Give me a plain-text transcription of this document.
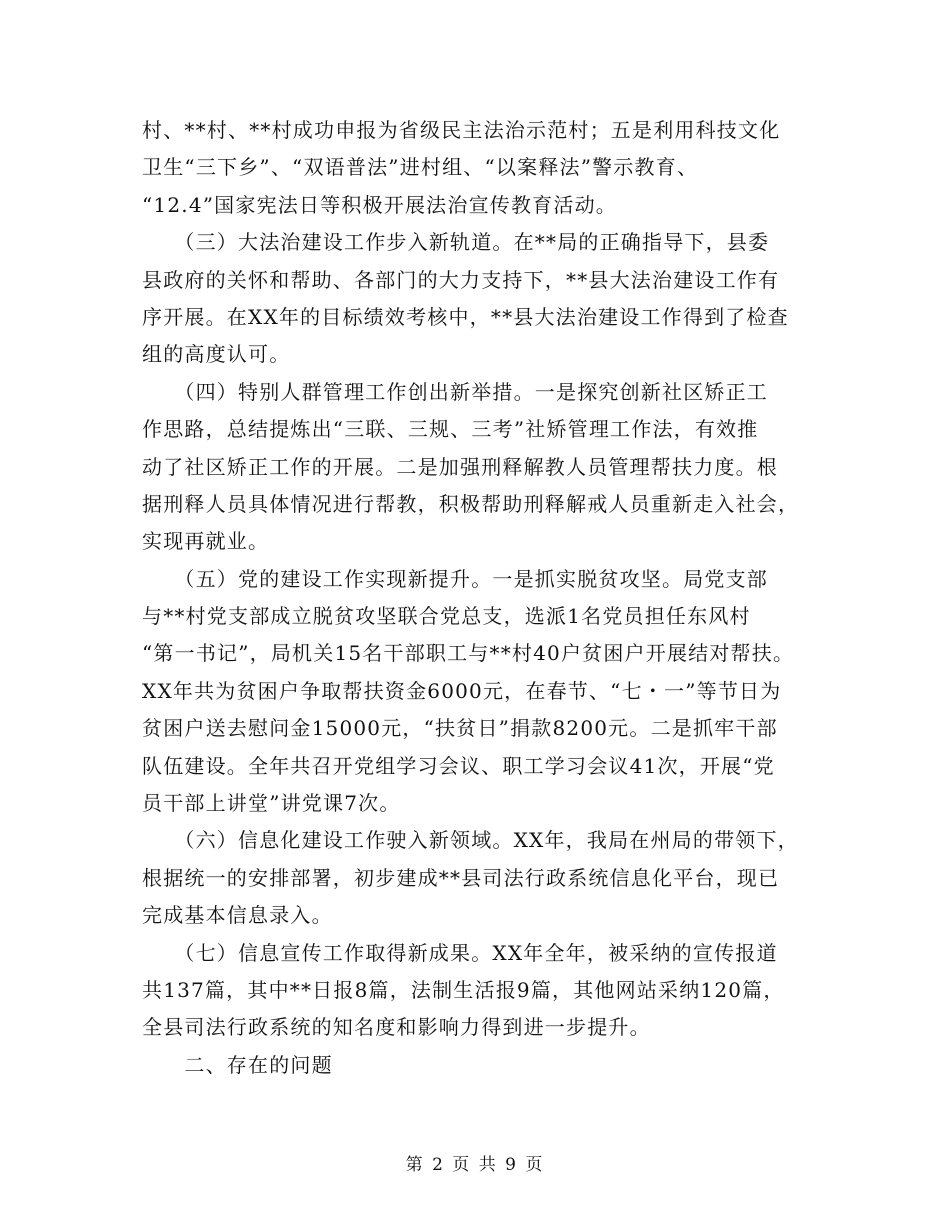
村、**村、**村成功申报为省级民主法治示范村；五是利用科技文化
卫生“三下乡”、“双语普法”进村组、“以案释法”警示教育、
“12.4”国家宪法日等积极开展法治宣传教育活动。
　　（三）大法治建设工作步入新轨道。在**局的正确指导下，县委
县政府的关怀和帮助、各部门的大力支持下，**县大法治建设工作有
序开展。在XX年的目标绩效考核中，**县大法治建设工作得到了检查
组的高度认可。
　　（四）特别人群管理工作创出新举措。一是探究创新社区矫正工
作思路，总结提炼出“三联、三规、三考”社矫管理工作法，有效推
动了社区矫正工作的开展。二是加强刑释解教人员管理帮扶力度。根
据刑释人员具体情况进行帮教，积极帮助刑释解戒人员重新走入社会，
实现再就业。
　　（五）党的建设工作实现新提升。一是抓实脱贫攻坚。局党支部
与**村党支部成立脱贫攻坚联合党总支，选派1名党员担任东风村
“第一书记”，局机关15名干部职工与**村40户贫困户开展结对帮扶。
XX年共为贫困户争取帮扶资金6000元，在春节、“七・一”等节日为
贫困户送去慰问金15000元，“扶贫日”捐款8200元。二是抓牢干部
队伍建设。全年共召开党组学习会议、职工学习会议41次，开展“党
员干部上讲堂”讲党课7次。
　　（六）信息化建设工作驶入新领域。XX年，我局在州局的带领下，
根据统一的安排部署，初步建成**县司法行政系统信息化平台，现已
完成基本信息录入。
　　（七）信息宣传工作取得新成果。XX年全年，被采纳的宣传报道
共137篇，其中**日报8篇，法制生活报9篇，其他网站采纳120篇，
全县司法行政系统的知名度和影响力得到进一步提升。
　　二、存在的问题
第 2 页 共 9 页
